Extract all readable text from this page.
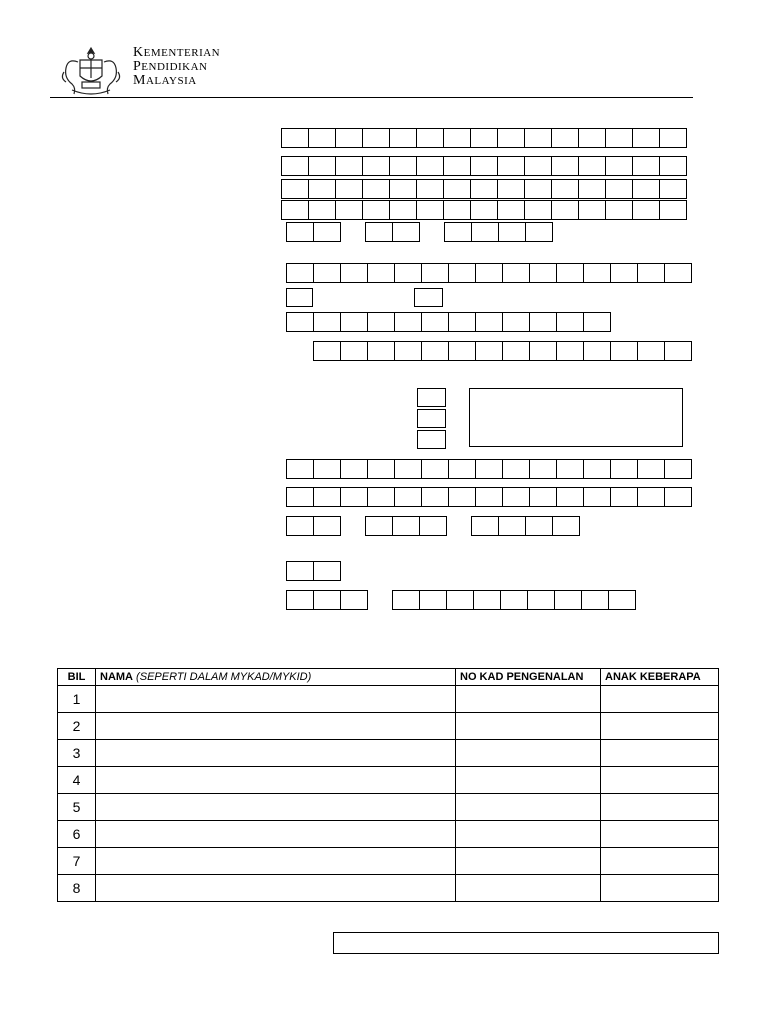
KEMENTERIAN
PENDIDIKAN
MALAYSIA
BIL	NAMA (SEPERTI DALAM MYKAD/MYKID)	NO KAD PENGENALAN	ANAK KEBERAPA
1			
2			
3			
4			
5			
6			
7			
8			
